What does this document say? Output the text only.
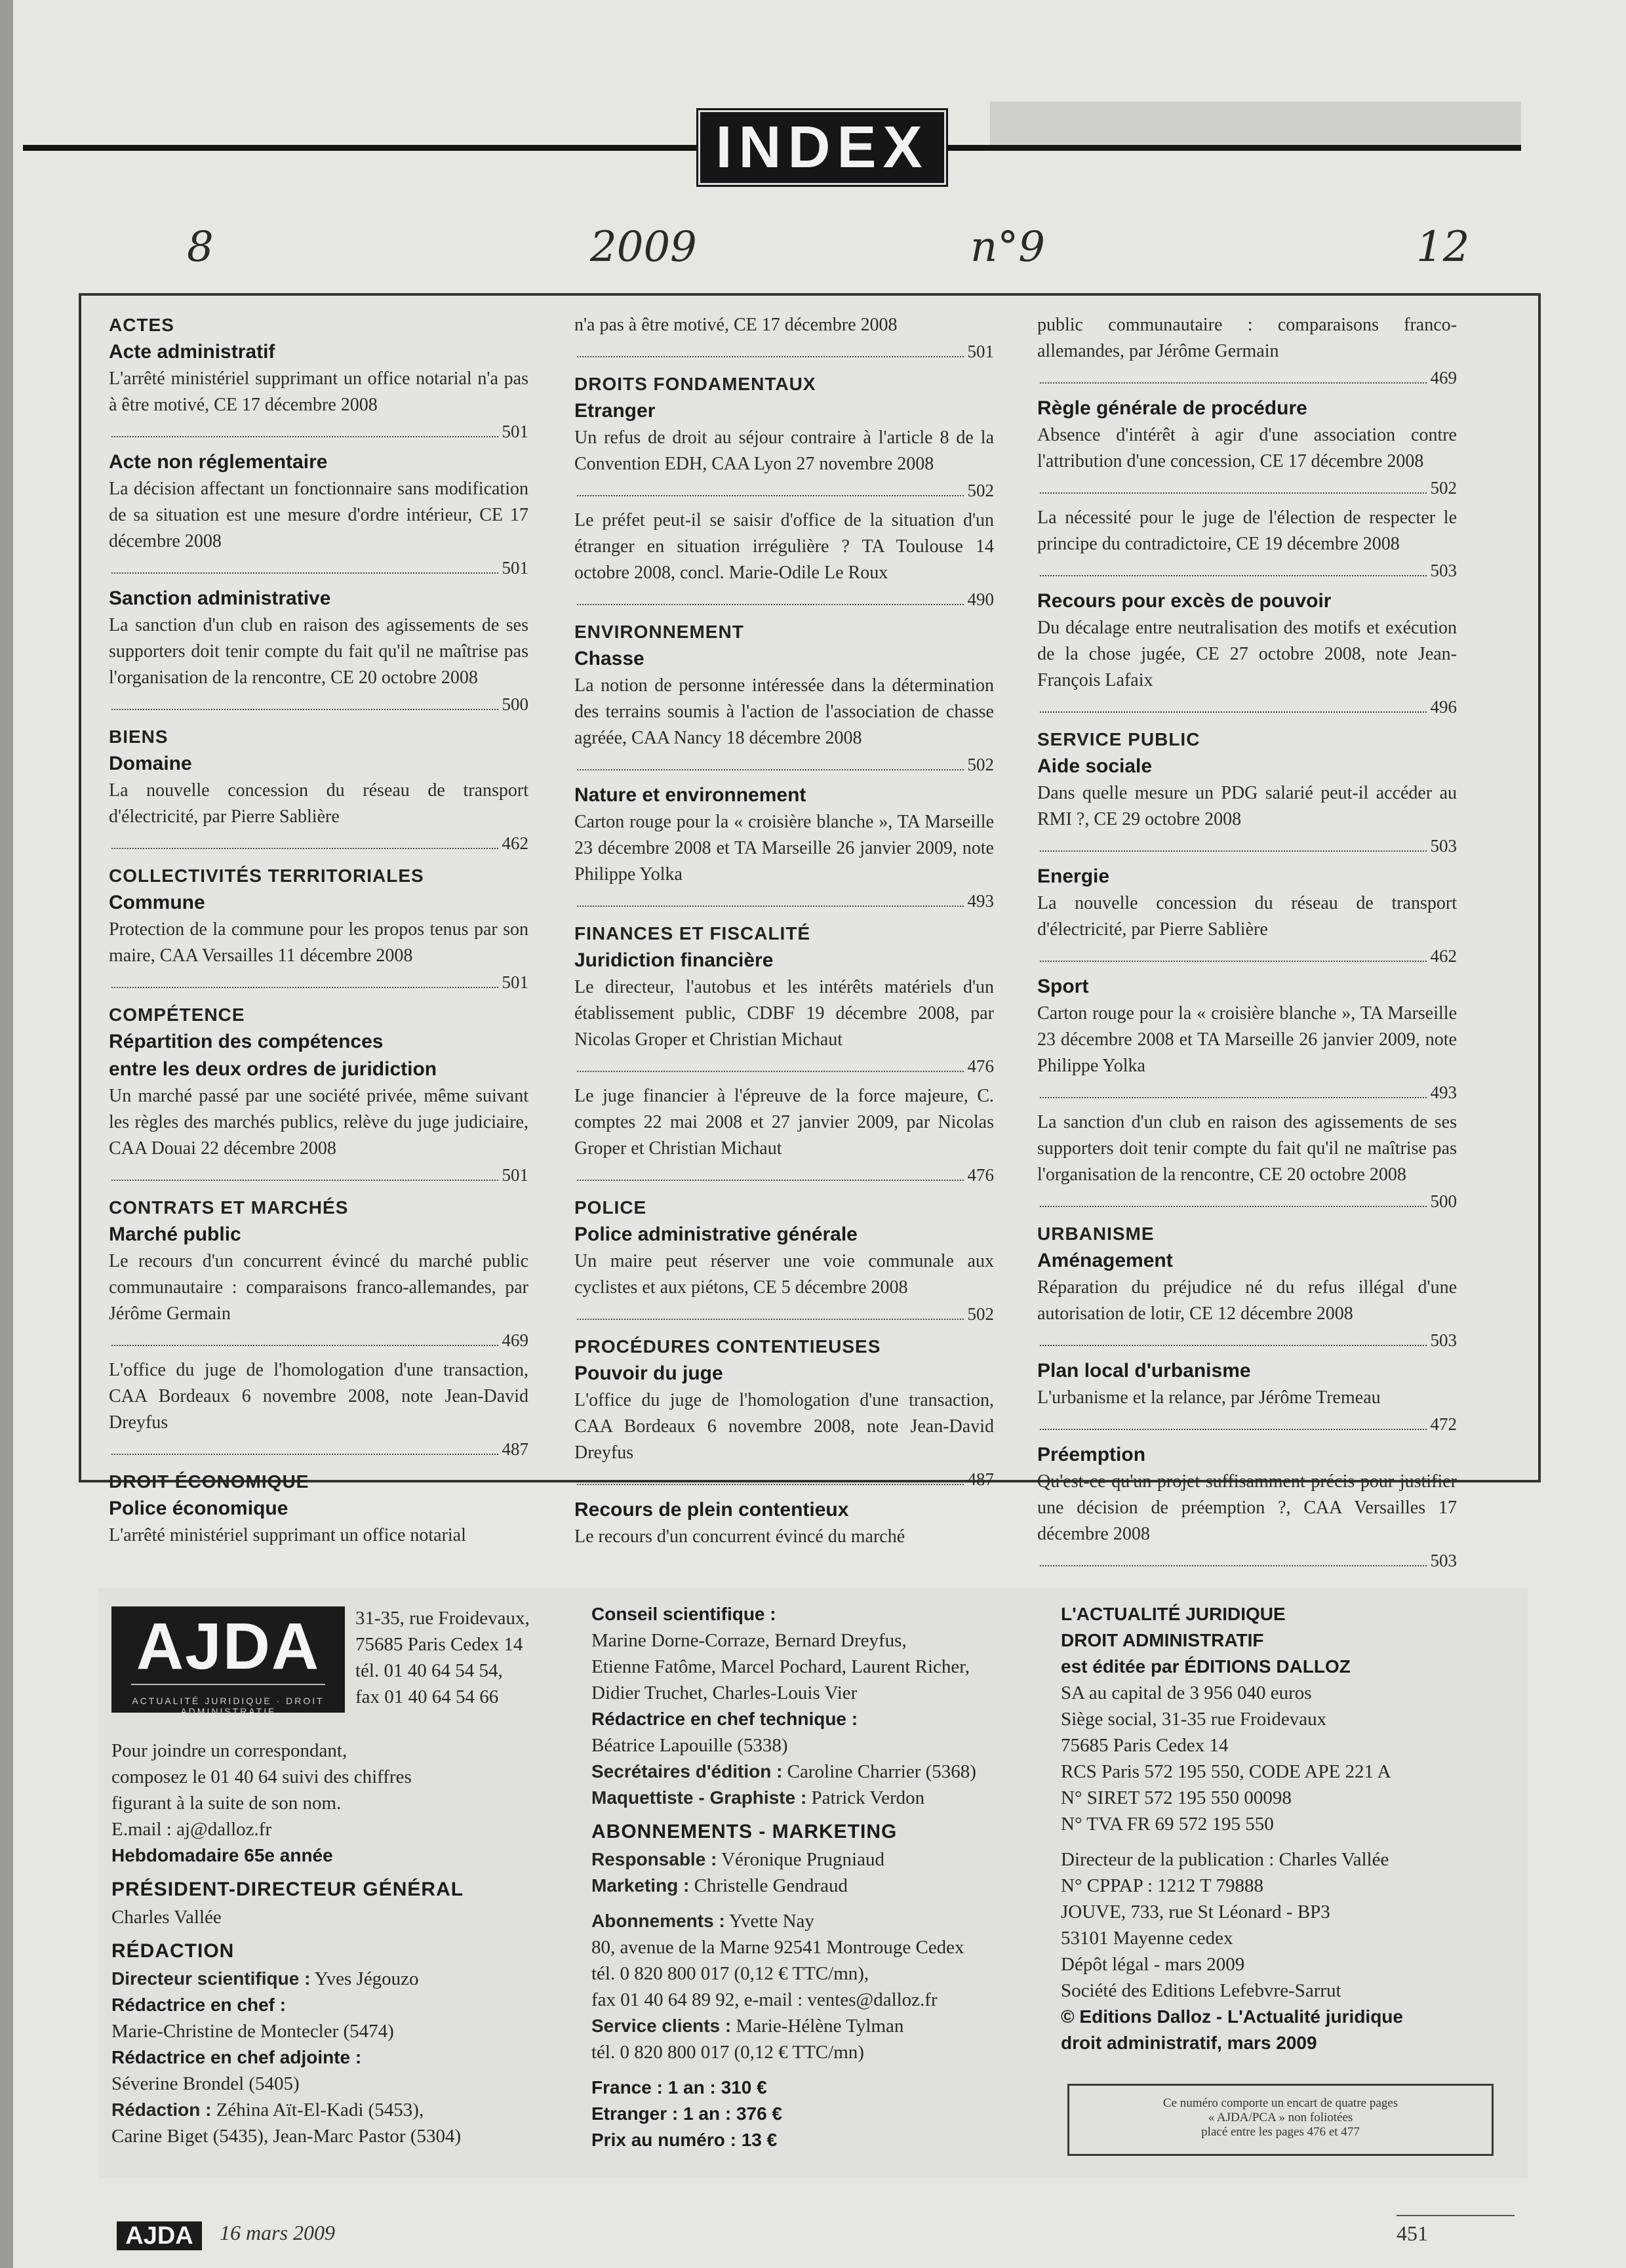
INDEX
8	2009	n°9	12
ACTES
Acte administratif
L'arrêté ministériel supprimant un office notarial n'a pas à être motivé, CE 17 décembre 2008
501
Acte non réglementaire
La décision affectant un fonctionnaire sans modification de sa situation est une mesure d'ordre intérieur, CE 17 décembre 2008
501
Sanction administrative
La sanction d'un club en raison des agissements de ses supporters doit tenir compte du fait qu'il ne maîtrise pas l'organisation de la rencontre, CE 20 octobre 2008
500
BIENS
Domaine
La nouvelle concession du réseau de transport d'électricité, par Pierre Sablière
462
COLLECTIVITÉS TERRITORIALES
Commune
Protection de la commune pour les propos tenus par son maire, CAA Versailles 11 décembre 2008
501
COMPÉTENCE
Répartition des compétences
entre les deux ordres de juridiction
Un marché passé par une société privée, même suivant les règles des marchés publics, relève du juge judiciaire, CAA Douai 22 décembre 2008
501
CONTRATS ET MARCHÉS
Marché public
Le recours d'un concurrent évincé du marché public communautaire : comparaisons franco-allemandes, par Jérôme Germain
469
L'office du juge de l'homologation d'une transaction, CAA Bordeaux 6 novembre 2008, note Jean-David Dreyfus
487
DROIT ÉCONOMIQUE
Police économique
L'arrêté ministériel supprimant un office notarial
n'a pas à être motivé, CE 17 décembre 2008
501
DROITS FONDAMENTAUX
Etranger
Un refus de droit au séjour contraire à l'article 8 de la Convention EDH, CAA Lyon 27 novembre 2008
502
Le préfet peut-il se saisir d'office de la situation d'un étranger en situation irrégulière ? TA Toulouse 14 octobre 2008, concl. Marie-Odile Le Roux
490
ENVIRONNEMENT
Chasse
La notion de personne intéressée dans la détermination des terrains soumis à l'action de l'association de chasse agréée, CAA Nancy 18 décembre 2008
502
Nature et environnement
Carton rouge pour la « croisière blanche », TA Marseille 23 décembre 2008 et TA Marseille 26 janvier 2009, note Philippe Yolka
493
FINANCES ET FISCALITÉ
Juridiction financière
Le directeur, l'autobus et les intérêts matériels d'un établissement public, CDBF 19 décembre 2008, par Nicolas Groper et Christian Michaut
476
Le juge financier à l'épreuve de la force majeure, C. comptes 22 mai 2008 et 27 janvier 2009, par Nicolas Groper et Christian Michaut
476
POLICE
Police administrative générale
Un maire peut réserver une voie communale aux cyclistes et aux piétons, CE 5 décembre 2008
502
PROCÉDURES CONTENTIEUSES
Pouvoir du juge
L'office du juge de l'homologation d'une transaction, CAA Bordeaux 6 novembre 2008, note Jean-David Dreyfus
487
Recours de plein contentieux
Le recours d'un concurrent évincé du marché
public communautaire : comparaisons franco-allemandes, par Jérôme Germain
469
Règle générale de procédure
Absence d'intérêt à agir d'une association contre l'attribution d'une concession, CE 17 décembre 2008
502
La nécessité pour le juge de l'élection de respecter le principe du contradictoire, CE 19 décembre 2008
503
Recours pour excès de pouvoir
Du décalage entre neutralisation des motifs et exécution de la chose jugée, CE 27 octobre 2008, note Jean-François Lafaix
496
SERVICE PUBLIC
Aide sociale
Dans quelle mesure un PDG salarié peut-il accéder au RMI ?, CE 29 octobre 2008
503
Energie
La nouvelle concession du réseau de transport d'électricité, par Pierre Sablière
462
Sport
Carton rouge pour la « croisière blanche », TA Marseille 23 décembre 2008 et TA Marseille 26 janvier 2009, note Philippe Yolka
493
La sanction d'un club en raison des agissements de ses supporters doit tenir compte du fait qu'il ne maîtrise pas l'organisation de la rencontre, CE 20 octobre 2008
500
URBANISME
Aménagement
Réparation du préjudice né du refus illégal d'une autorisation de lotir, CE 12 décembre 2008
503
Plan local d'urbanisme
L'urbanisme et la relance, par Jérôme Tremeau
472
Préemption
Qu'est-ce qu'un projet suffisamment précis pour justifier une décision de préemption ?, CAA Versailles 17 décembre 2008
503
AJDA
ACTUALITÉ JURIDIQUE · DROIT ADMINISTRATIF
31-35, rue Froidevaux,
75685 Paris Cedex 14
tél. 01 40 64 54 54,
fax 01 40 64 54 66
Pour joindre un correspondant,
composez le 01 40 64 suivi des chiffres
figurant à la suite de son nom.
E.mail : aj@dalloz.fr
Hebdomadaire 65e année
PRÉSIDENT-DIRECTEUR GÉNÉRAL
Charles Vallée
RÉDACTION
Directeur scientifique : Yves Jégouzo
Rédactrice en chef :
Marie-Christine de Montecler (5474)
Rédactrice en chef adjointe :
Séverine Brondel (5405)
Rédaction : Zéhina Aït-El-Kadi (5453),
Carine Biget (5435), Jean-Marc Pastor (5304)
Conseil scientifique :
Marine Dorne-Corraze, Bernard Dreyfus,
Etienne Fatôme, Marcel Pochard, Laurent Richer,
Didier Truchet, Charles-Louis Vier
Rédactrice en chef technique :
Béatrice Lapouille (5338)
Secrétaires d'édition : Caroline Charrier (5368)
Maquettiste - Graphiste : Patrick Verdon
ABONNEMENTS - MARKETING
Responsable : Véronique Prugniaud
Marketing : Christelle Gendraud
Abonnements : Yvette Nay
80, avenue de la Marne 92541 Montrouge Cedex
tél. 0 820 800 017 (0,12 € TTC/mn),
fax 01 40 64 89 92, e-mail : ventes@dalloz.fr
Service clients : Marie-Hélène Tylman
tél. 0 820 800 017 (0,12 € TTC/mn)
France : 1 an : 310 €
Etranger : 1 an : 376 €
Prix au numéro : 13 €
L'ACTUALITÉ JURIDIQUE
DROIT ADMINISTRATIF
est éditée par ÉDITIONS DALLOZ
SA au capital de 3 956 040 euros
Siège social, 31-35 rue Froidevaux
75685 Paris Cedex 14
RCS Paris 572 195 550, CODE APE 221 A
N° SIRET 572 195 550 00098
N° TVA FR 69 572 195 550
Directeur de la publication : Charles Vallée
N° CPPAP : 1212 T 79888
JOUVE, 733, rue St Léonard - BP3
53101 Mayenne cedex
Dépôt légal - mars 2009
Société des Editions Lefebvre-Sarrut
© Editions Dalloz - L'Actualité juridique
droit administratif, mars 2009
Ce numéro comporte un encart de quatre pages
« AJDA/PCA » non foliotées
placé entre les pages 476 et 477
AJDA	16 mars 2009	451
